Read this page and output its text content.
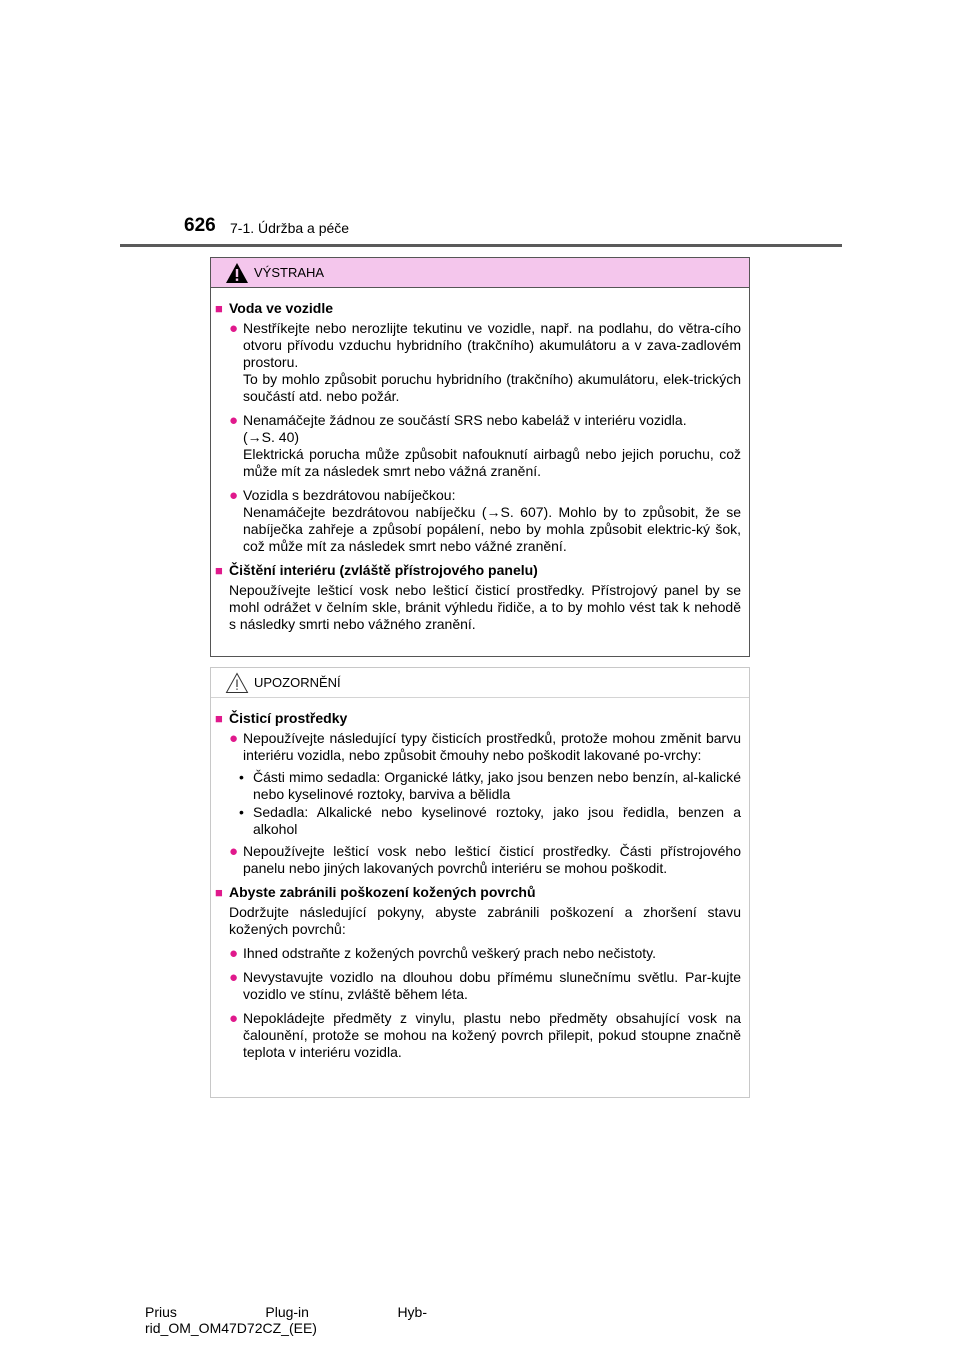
626 7-1. Údržba a péče
VÝSTRAHA
■ Voda ve vozidle
● Nestříkejte nebo nerozlijte tekutinu ve vozidle, např. na podlahu, do větra-cího otvoru přívodu vzduchu hybridního (trakčního) akumulátoru a v zava-zadlovém prostoru.
To by mohlo způsobit poruchu hybridního (trakčního) akumulátoru, elek-trických součástí atd. nebo požár.
● Nenamáčejte žádnou ze součástí SRS nebo kabeláž v interiéru vozidla.
(→S. 40)
Elektrická porucha může způsobit nafouknutí airbagů nebo jejich poruchu, což může mít za následek smrt nebo vážná zranění.
● Vozidla s bezdrátovou nabíječkou:
Nenamáčejte bezdrátovou nabíječku (→S. 607). Mohlo by to způsobit, že se nabíječka zahřeje a způsobí popálení, nebo by mohla způsobit elektric-ký šok, což může mít za následek smrt nebo vážné zranění.
■ Čištění interiéru (zvláště přístrojového panelu)
Nepoužívejte lešticí vosk nebo lešticí čisticí prostředky. Přístrojový panel by se mohl odrážet v čelním skle, bránit výhledu řidiče, a to by mohlo vést tak k nehodě s následky smrti nebo vážného zranění.
UPOZORNĚNÍ
■ Čisticí prostředky
● Nepoužívejte následující typy čisticích prostředků, protože mohou změnit barvu interiéru vozidla, nebo způsobit čmouhy nebo poškodit lakované po-vrchy:
• Části mimo sedadla: Organické látky, jako jsou benzen nebo benzín, al-kalické nebo kyselinové roztoky, barviva a bělidla
• Sedadla: Alkalické nebo kyselinové roztoky, jako jsou ředidla, benzen a alkohol
● Nepoužívejte lešticí vosk nebo lešticí čisticí prostředky. Části přístrojového panelu nebo jiných lakovaných povrchů interiéru se mohou poškodit.
■ Abyste zabránili poškození kožených povrchů
Dodržujte následující pokyny, abyste zabránili poškození a zhoršení stavu kožených povrchů:
● Ihned odstraňte z kožených povrchů veškerý prach nebo nečistoty.
● Nevystavujte vozidlo na dlouhou dobu přímému slunečnímu světlu. Par-kujte vozidlo ve stínu, zvláště během léta.
● Nepokládejte předměty z vinylu, plastu nebo předměty obsahující vosk na čalounění, protože se mohou na kožený povrch přilepit, pokud stoupne značně teplota v interiéru vozidla.
Prius	Plug-in	Hyb-
rid_OM_OM47D72CZ_(EE)
